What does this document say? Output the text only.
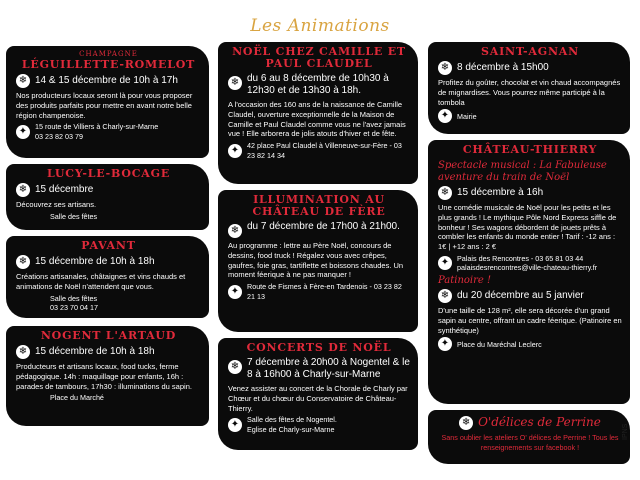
Les Animations
CHAMPAGNE
LÉGUILLETTE-ROMELOT
❄ 14 & 15 décembre de 10h à 17h
Nos producteurs locaux seront là pour vous proposer des produits parfaits pour mettre en avant notre belle région champenoise.
✦	15 route de Villiers à Charly-sur-Marne
03 23 82 03 79
LUCY-LE-BOCAGE
❄ 15 décembre
Découvrez ses artisans.
Salle des fêtes
PAVANT
❄ 15 décembre de 10h à 18h
Créations artisanales, châtaignes et vins chauds et animations de Noël n'attendent que vous.
Salle des fêtes
03 23 70 04 17
NOGENT L'ARTAUD
❄ 15 décembre de 10h à 18h
Producteurs et artisans locaux, food tucks, ferme pédagogique. 14h : maquillage pour enfants, 16h : parades de tambours, 17h30 : illuminations du sapin.
Place du Marché
NOËL CHEZ CAMILLE ET PAUL CLAUDEL
❄ du 6 au 8 décembre de 10h30 à 12h30 et de 13h30 à 18h.
A l'occasion des 160 ans de la naissance de Camille Claudel, ouverture exceptionnelle de la Maison de Camille et Paul Claudel comme vous ne l'avez jamais vue ! Elle arborera de jolis atouts d'hiver et de fête.
✦	42 place Paul Claudel à Villeneuve-sur-Fère - 03 23 82 14 34
ILLUMINATION AU CHÂTEAU DE FÈRE
❄ du 7 décembre de 17h00 à 21h00.
Au programme : lettre au Père Noël, concours de dessins, food truck ! Régalez vous avec crêpes, gaufres, foie gras, tartiflette et boissons chaudes. Un moment féerique à ne pas manquer !
✦	Route de Fismes à Fère-en Tardenois - 03 23 82 21 13
CONCERTS DE NOËL
❄ 7 décembre à 20h00 à Nogentel & le 8 à 16h00 à Charly-sur-Marne
Venez assister au concert de la Chorale de Charly par Chœur et du chœur du Conservatoire de Château-Thierry.
✦	Salle des fêtes de Nogentel.
Eglise de Charly-sur-Marne
SAINT-AGNAN
❄ 8 décembre à 15h00
Profitez du goûter, chocolat et vin chaud accompagnés de mignardises. Vous pourrez même participé à la tombola
✦	Mairie
CHÂTEAU-THIERRY
Spectacle musical : La Fabuleuse aventure du train de Noël
❄ 15 décembre à 16h
Une comédie musicale de Noël pour les petits et les plus grands ! Le mythique Pôle Nord Express siffle de bonheur ! Ses wagons débordent de jouets prêts à combler les enfants du monde entier ! Tarif : -12 ans : 1€ | +12 ans : 2 €
✦	Palais des Rencontres - 03 65 81 03 44
palaisdesrencontres@ville-chateau-thierry.fr
Patinoire !
❄ du 20 décembre au 5 janvier
D'une taille de 128 m², elle sera décorée d'un grand sapin au centre, offrant un cadre féerique. (Patinoire en synthétique)
✦	Place du Maréchal Leclerc
❄ O'délices de Perrine
Sans oublier les ateliers O' délices de Perrine ! Tous les renseignements sur facebook !
IPNS
